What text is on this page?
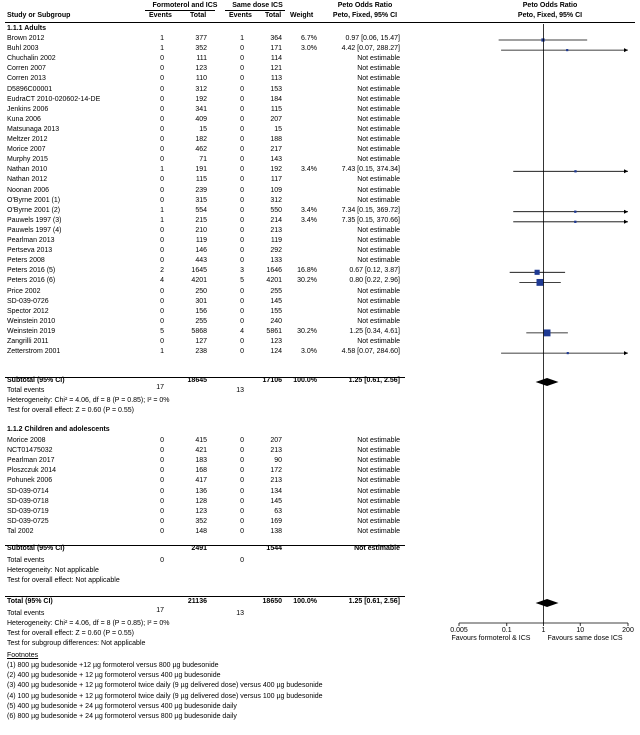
Study or Subgroup
Formoterol and ICS
Events	Total
Same dose ICS
Events Total Weight
Peto Odds Ratio
Peto, Fixed, 95% CI
Peto Odds Ratio
Peto, Fixed, 95% CI
1.1.1 Adults
Brown 2012	1	377	1	364	6.7%	0.97 [0.06, 15.47]
Buhl 2003	1	352	0	171	3.0%	4.42 [0.07, 288.27]
Chuchalin 2002	0	111	0	114	Not estimable
Corren 2007	0	123	0	121	Not estimable
Corren 2013	0	110	0	113	Not estimable
D5896C00001	0	312	0	153	Not estimable
EudraCT 2010-020602-14-DE	0	192	0	184	Not estimable
Jenkins 2006	0	341	0	115	Not estimable
Kuna 2006	0	409	0	207	Not estimable
Matsunaga 2013	0	15	0	15	Not estimable
Meltzer 2012	0	182	0	188	Not estimable
Morice 2007	0	462	0	217	Not estimable
Murphy 2015	0	71	0	143	Not estimable
Nathan 2010	1	191	0	192	3.4%	7.43 [0.15, 374.34]
Nathan 2012	0	115	0	117	Not estimable
Noonan 2006	0	239	0	109	Not estimable
O'Byrne 2001 (1)	0	315	0	312	Not estimable
O'Byrne 2001 (2)	1	554	0	550	3.4%	7.34 [0.15, 369.72]
Pauwels 1997 (3)	1	215	0	214	3.4%	7.35 [0.15, 370.66]
Pauwels 1997 (4)	0	210	0	213	Not estimable
Pearlman 2013	0	119	0	119	Not estimable
Pertseva 2013	0	146	0	292	Not estimable
Peters 2008	0	443	0	133	Not estimable
Peters 2016 (5)	2	1645	3	1646	16.8%	0.67 [0.12, 3.87]
Peters 2016 (6)	4	4201	5	4201	30.2%	0.80 [0.22, 2.96]
Price 2002	0	250	0	255	Not estimable
SD-039-0726	0	301	0	145	Not estimable
Spector 2012	0	156	0	155	Not estimable
Weinstein 2010	0	255	0	240	Not estimable
Weinstein 2019	5	5868	4	5861	30.2%	1.25 [0.34, 4.61]
Zangrilli 2011	0	127	0	123	Not estimable
Zetterstrom 2001	1	238	0	124	3.0%	4.58 [0.07, 284.60]
Subtotal (95% CI)	18645	17106	100.0%	1.25 [0.61, 2.56]
Total events	17	13
Heterogeneity: Chi² = 4.06, df = 8 (P = 0.85); I² = 0%
Test for overall effect: Z = 0.60 (P = 0.55)
1.1.2 Children and adolescents
Morice 2008	0	415	0	207	Not estimable
NCT01475032	0	421	0	213	Not estimable
Pearlman 2017	0	183	0	90	Not estimable
Ploszczuk 2014	0	168	0	172	Not estimable
Pohunek 2006	0	417	0	213	Not estimable
SD-039-0714	0	136	0	134	Not estimable
SD-039-0718	0	128	0	145	Not estimable
SD-039-0719	0	123	0	63	Not estimable
SD-039-0725	0	352	0	169	Not estimable
Tal 2002	0	148	0	138	Not estimable
Subtotal (95% CI)	2491	1544	Not estimable
Total events	0	0
Heterogeneity: Not applicable
Test for overall effect: Not applicable
Total (95% CI)	21136	18650	100.0%	1.25 [0.61, 2.56]
Total events	17	13
Heterogeneity: Chi² = 4.06, df = 8 (P = 0.85); I² = 0%
Test for overall effect: Z = 0.60 (P = 0.55)
Test for subgroup differences: Not applicable
Footnotes
(1) 800 µg budesonide +12 µg formoterol versus 800 µg budesonide
(2) 400 µg budesonide + 12 µg formoterol versus 400 µg budesonide
(3) 400 µg budesonide + 12 µg formoterol twice daily (9 µg delivered dose) versus 400 µg budesonide
(4) 100 µg budesonide + 12 µg formoterol twice daily (9 µg delivered dose) versus 100 µg budesonide
(5) 400 µg budesonide + 24 µg formoterol versus 400 µg budesonide daily
(6) 800 µg budesonide + 24 µg formoterol versus 800 µg budesonide daily
0.005	0.1	1	10	200
Favours formoterol & ICS Favours same dose ICS
